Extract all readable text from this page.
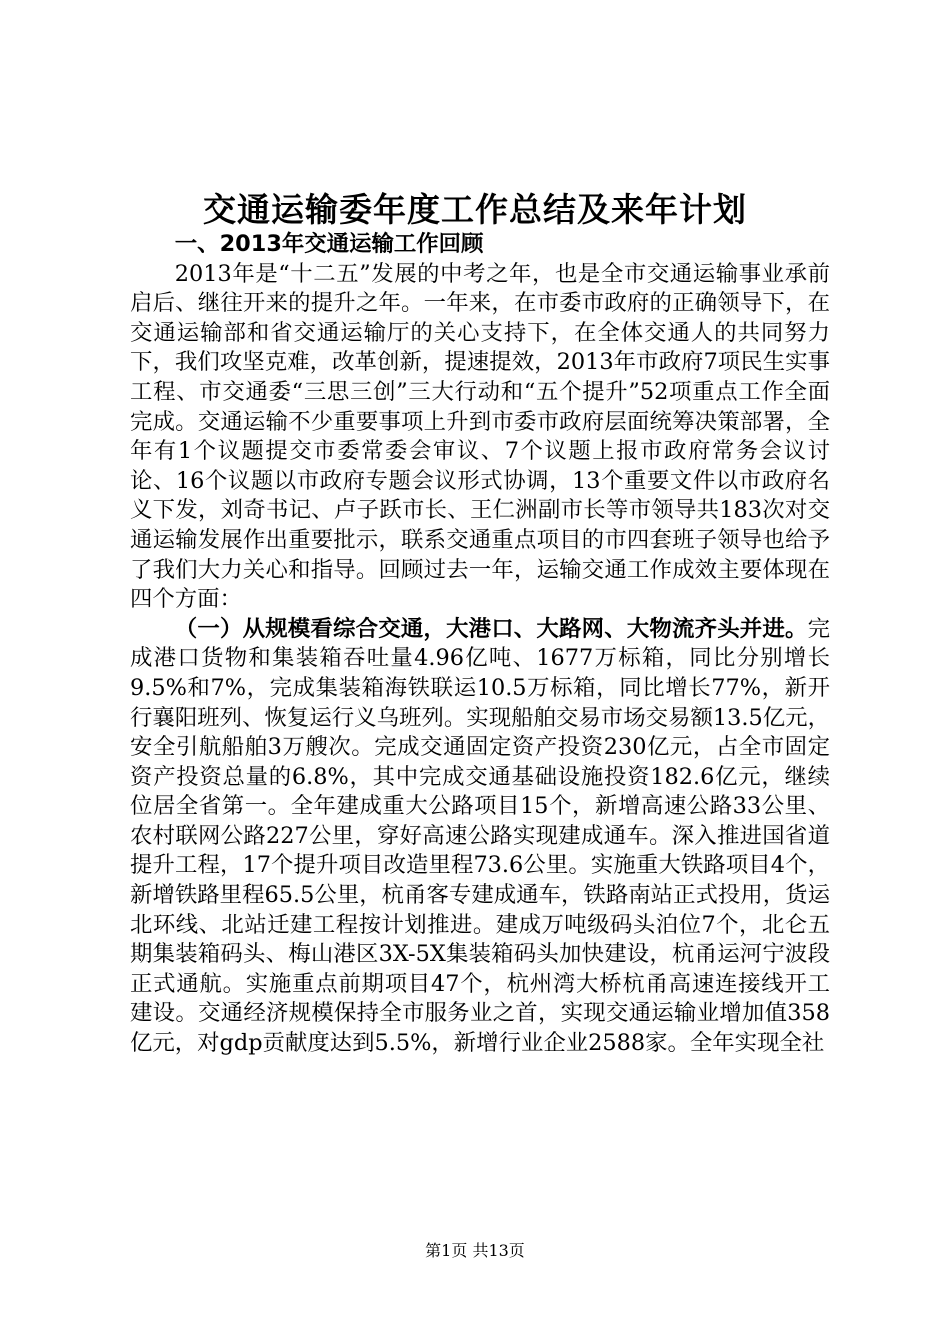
交通运输委年度工作总结及来年计划

一、2013年交通运输工作回顾

2013年是“十二五”发展的中考之年，也是全市交通运输事业承前启后、继往开来的提升之年。一年来，在市委市政府的正确领导下，在交通运输部和省交通运输厅的关心支持下，在全体交通人的共同努力下，我们攻坚克难，改革创新，提速提效，2013年市政府7项民生实事工程、市交通委“三思三创”三大行动和“五个提升”52项重点工作全面完成。交通运输不少重要事项上升到市委市政府层面统筹决策部署，全年有1个议题提交市委常委会审议、7个议题上报市政府常务会议讨论、16个议题以市政府专题会议形式协调，13个重要文件以市政府名义下发，刘奇书记、卢子跃市长、王仁洲副市长等市领导共183次对交通运输发展作出重要批示，联系交通重点项目的市四套班子领导也给予了我们大力关心和指导。回顾过去一年，运输交通工作成效主要体现在四个方面：

（一）从规模看综合交通，大港口、大路网、大物流齐头并进。完成港口货物和集装箱吞吐量4.96亿吨、1677万标箱，同比分别增长9.5%和7%，完成集装箱海铁联运10.5万标箱，同比增长77%，新开行襄阳班列、恢复运行义乌班列。实现船舶交易市场交易额13.5亿元，安全引航船舶3万艘次。完成交通固定资产投资230亿元，占全市固定资产投资总量的6.8%，其中完成交通基础设施投资182.6亿元，继续位居全省第一。全年建成重大公路项目15个，新增高速公路33公里、农村联网公路227公里，穿好高速公路实现建成通车。深入推进国省道提升工程，17个提升项目改造里程73.6公里。实施重大铁路项目4个，新增铁路里程65.5公里，杭甬客专建成通车，铁路南站正式投用，货运北环线、北站迁建工程按计划推进。建成万吨级码头泊位7个，北仑五期集装箱码头、梅山港区3X-5X集装箱码头加快建设，杭甬运河宁波段正式通航。实施重点前期项目47个，杭州湾大桥杭甬高速连接线开工建设。交通经济规模保持全市服务业之首，实现交通运输业增加值358亿元，对gdp贡献度达到5.5%，新增行业企业2588家。全年实现全社

第1页 共13页
